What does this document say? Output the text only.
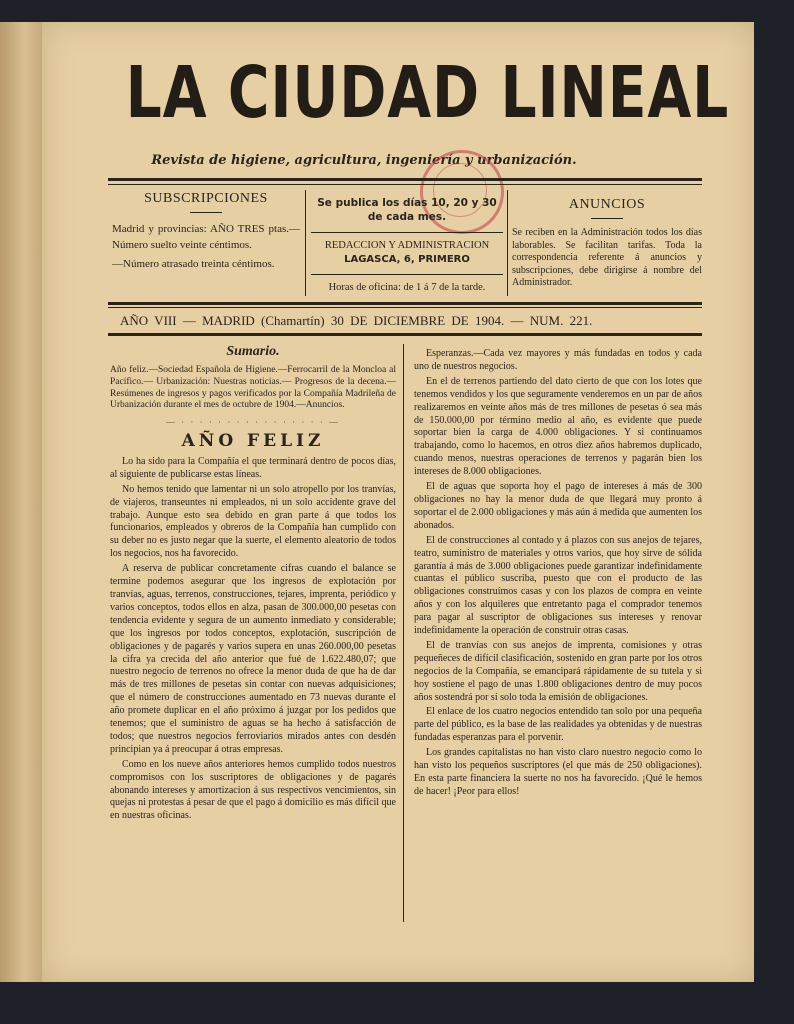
LA CIUDAD LINEAL
Revista de higiene, agricultura, ingeniería y urbanización.
SUBSCRIPCIONES
Madrid y provincias: AÑO TRES ptas.—Número suelto veinte céntimos.
—Número atrasado treinta céntimos.
Se publica los días 10, 20 y 30 de cada mes.
REDACCION Y ADMINISTRACION
LAGASCA, 6, PRIMERO
Horas de oficina: de 1 á 7 de la tarde.
ANUNCIOS
Se reciben en la Administración todos los días laborables. Se facilitan tarifas. Toda la correspondencia referente á anuncios y subscripciones, debe dirigirse á nombre del Administrador.
AÑO VIII — MADRID (Chamartín) 30 DE DICIEMBRE DE 1904. — NUM. 221.
Sumario.
Año feliz.—Sociedad Española de Higiene.—Ferrocarril de la Moncloa al Pacífico.— Urbanización: Nuestras noticias.— Progresos de la decena.— Resúmenes de ingresos y pagos verificados por la Compañía Madrileña de Urbanización durante el mes de octubre de 1904.—Anuncios.
— · · · · · · · · · · · · · · · · —
AÑO FELIZ

Lo ha sido para la Compañía el que terminará dentro de pocos días, al siguiente de publicarse estas líneas.

No hemos tenido que lamentar ni un solo atropello por los tranvías, de viajeros, transeuntes ni empleados, ni un solo accidente grave del trabajo. Aunque esto sea debido en gran parte á que todos los funcionarios, empleados y obreros de la Compañía han cumplido con su deber no es justo negar que la suerte, el elemento aleatorio de todos los negocios, nos ha favorecido.

A reserva de publicar concretamente cifras cuando el balance se termine podemos asegurar que los ingresos de explotación por tranvías, aguas, terrenos, construcciones, tejares, imprenta, periódico y varios conceptos, todos ellos en alza, pasan de 300.000,00 pesetas con tendencia evidente y segura de un aumento inmediato y considerable; que los ingresos por todos conceptos, explotación, suscripción de obligaciones y de pagarés y varios supera en unas 260.000,00 pesetas la cifra ya crecida del año anterior que fué de 1.622.480,07; que nuestro negocio de terrenos no ofrece la menor duda de que ha de dar más de tres millones de pesetas sin contar con nuevas adquisiciones; que el número de construcciones aumentado en 73 nuevas durante el año promete duplicar en el año próximo á juzgar por los pedidos que tenemos; que el suministro de aguas se ha hecho á satisfacción de todos; que nuestros negocios ferroviarios mirados antes con desdén principian ya á preocupar á otras empresas.

Como en los nueve años anteriores hemos cumplido todos nuestros compromisos con los suscriptores de obligaciones y de pagarés abonando intereses y amortizacion á sus respectivos vencimientos, sin quejas ni protestas á pesar de que el pago á domicilio es más difícil que en nuestras oficinas.

Esperanzas.—Cada vez mayores y más fundadas en todos y cada uno de nuestros negocios.

En el de terrenos partiendo del dato cierto de que con los lotes que tenemos vendidos y los que seguramente venderemos en un par de años realizaremos en veinte años más de tres millones de pesetas ó sea más de 150.000,00 por término medio al año, es evidente que puede soportar bien la carga de 4.000 obligaciones. Y si continuamos trabajando, como lo hacemos, en otros diez años habremos duplicado, cuando menos, nuestras operaciones de terrenos y pagarán bien los intereses de 8.000 obligaciones.

El de aguas que soporta hoy el pago de intereses á más de 300 obligaciones no hay la menor duda de que llegará muy pronto á soportar el de 2.000 obligaciones y más aún á medida que aumenten los abonados.

El de construcciones al contado y á plazos con sus anejos de tejares, teatro, suministro de materiales y otros varios, que hoy sirve de sólida garantía á más de 3.000 obligaciones puede garantizar indefinidamente cuantas el público suscriba, puesto que con el producto de las obligaciones construímos casas y con los plazos de compra en veinte años y con los alquileres que entretanto paga el comprador tenemos para pagar al suscriptor de obligaciones sus intereses y renovar indefinidamente la operación de construir otras casas.

El de tranvías con sus anejos de imprenta, comisiones y otras pequeñeces de difícil clasificación, sostenido en gran parte por los otros negocios de la Compañía, se emancipará rápidamente de su tutela y si hoy sostiene el pago de unas 1.800 obligaciones dentro de muy pocos años sostendrá por sí solo toda la emisión de obligaciones.

El enlace de los cuatro negocios entendido tan solo por una pequeña parte del público, es la base de las realidades ya obtenidas y de nuestras fundadas esperanzas para el porvenir.

Los grandes capitalistas no han visto claro nuestro negocio como lo han visto los pequeños suscriptores (el que más de 250 obligaciones). En esta parte financiera la suerte no nos ha favorecido. ¡Qué le hemos de hacer! ¡Peor para ellos!
